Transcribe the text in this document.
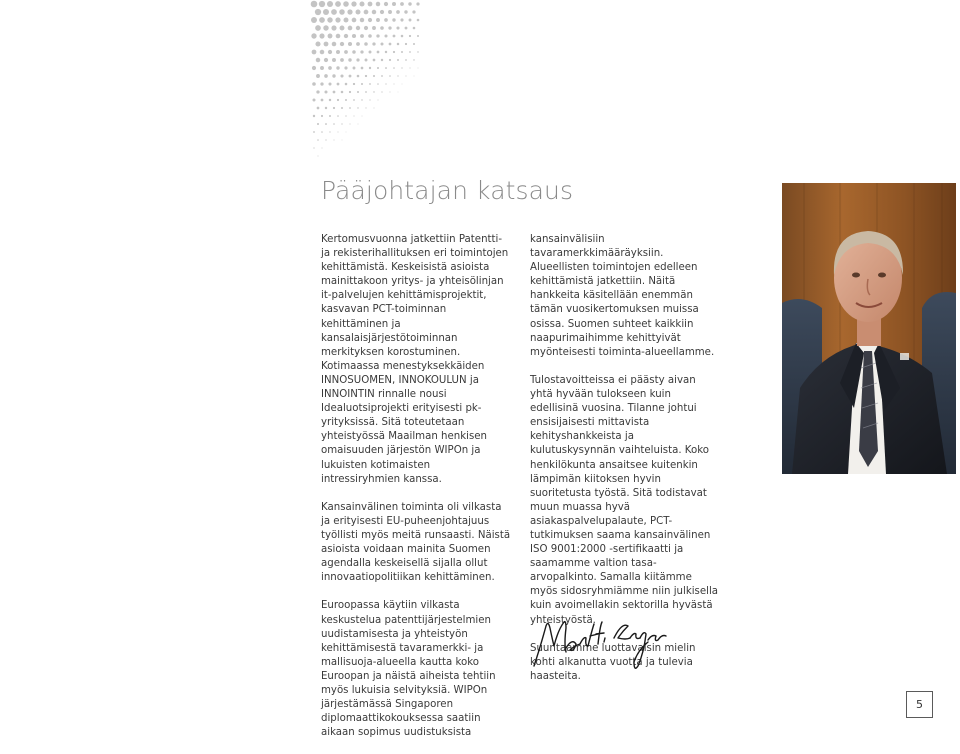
Pääjohtajan katsaus

Kertomusvuonna jatkettiin Patentti- ja rekisterihallituksen eri toimintojen kehittämistä. Keskeisistä asioista mainittakoon yritys- ja yhteisölinjan it-palvelujen kehittämisprojektit, kasvavan PCT-toiminnan kehittäminen ja kansalaisjärjestötoiminnan merkityksen korostuminen. Kotimaassa menestyksekkäiden INNOSUOMEN, INNOKOULUN ja INNOINTIN rinnalle nousi Idealuotsiprojekti erityisesti pk-yrityksissä. Sitä toteutetaan yhteistyössä Maailman henkisen omaisuuden järjestön WIPOn ja lukuisten kotimaisten intressiryhmien kanssa.

Kansainvälinen toiminta oli vilkasta ja erityisesti EU-puheenjohtajuus työllisti myös meitä runsaasti. Näistä asioista voidaan mainita Suomen agendalla keskeisellä sijalla ollut innovaatiopolitiikan kehittäminen.

Euroopassa käytiin vilkasta keskustelua patenttijärjestelmien uudistamisesta ja yhteistyön kehittämisestä tavaramerkki- ja mallisuoja-alueella kautta koko Euroopan ja näistä aiheista tehtiin myös lukuisia selvityksiä. WIPOn järjestämässä Singaporen diplomaattikokouksessa saatiin aikaan sopimus uudistuksista

kansainvälisiin tavaramerkkimääräyksiin. Alueellisten toimintojen edelleen kehittämistä jatkettiin. Näitä hankkeita käsitellään enemmän tämän vuosikertomuksen muissa osissa. Suomen suhteet kaikkiin naapurimaihimme kehittyivät myönteisesti toiminta-alueellamme.

Tulostavoitteissa ei päästy aivan yhtä hyvään tulokseen kuin edellisinä vuosina. Tilanne johtui ensisijaisesti mittavista kehityshankkeista ja kulutuskysynnän vaihteluista. Koko henkilökunta ansaitsee kuitenkin lämpimän kiitoksen hyvin suoritetusta työstä. Sitä todistavat muun muassa hyvä asiakaspalvelupalaute, PCT-tutkimuksen saama kansainvälinen ISO 9001:2000 -sertifikaatti ja saamamme valtion tasa-arvopalkinto. Samalla kiitämme myös sidosryhmiämme niin julkisella kuin avoimellakin sektorilla hyvästä yhteistyöstä.

Suuntaamme luottavaisin mielin kohti alkanutta vuotta ja tulevia haasteita.

5
